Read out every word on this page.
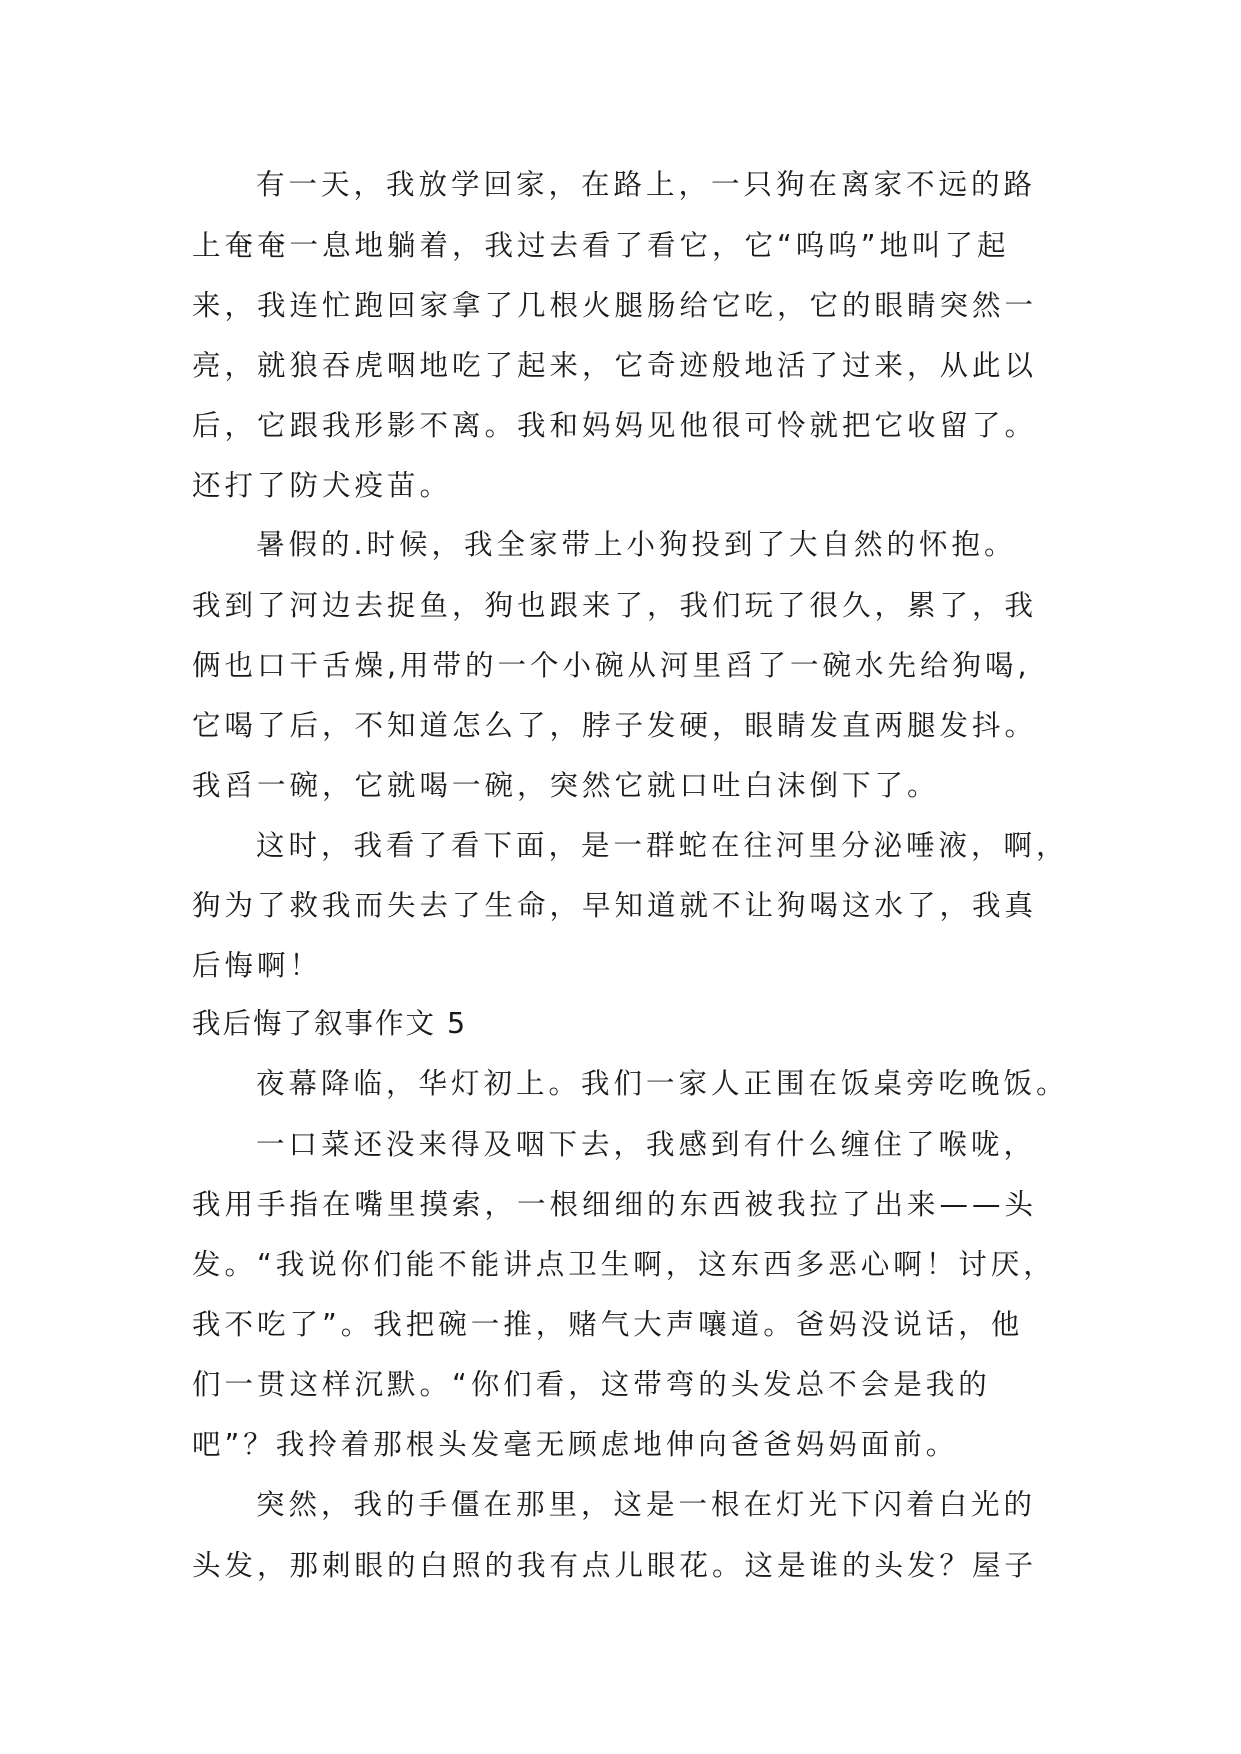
有一天，我放学回家，在路上，一只狗在离家不远的路
上奄奄一息地躺着，我过去看了看它，它“呜呜”地叫了起
来，我连忙跑回家拿了几根火腿肠给它吃，它的眼睛突然一
亮，就狼吞虎咽地吃了起来，它奇迹般地活了过来，从此以
后，它跟我形影不离。我和妈妈见他很可怜就把它收留了。
还打了防犬疫苗。
暑假的.时候，我全家带上小狗投到了大自然的怀抱。
我到了河边去捉鱼，狗也跟来了，我们玩了很久，累了，我
俩也口干舌燥,用带的一个小碗从河里舀了一碗水先给狗喝,
它喝了后，不知道怎么了，脖子发硬，眼睛发直两腿发抖。
我舀一碗，它就喝一碗，突然它就口吐白沫倒下了。
这时，我看了看下面，是一群蛇在往河里分泌唾液，啊，
狗为了救我而失去了生命，早知道就不让狗喝这水了，我真
后悔啊！
我后悔了叙事作文 5
夜幕降临，华灯初上。我们一家人正围在饭桌旁吃晚饭。
一口菜还没来得及咽下去，我感到有什么缠住了喉咙，
我用手指在嘴里摸索，一根细细的东西被我拉了出来——头
发。“我说你们能不能讲点卫生啊，这东西多恶心啊！讨厌，
我不吃了”。我把碗一推，赌气大声嚷道。爸妈没说话，他
们一贯这样沉默。“你们看，这带弯的头发总不会是我的
吧”？我拎着那根头发毫无顾虑地伸向爸爸妈妈面前。
突然，我的手僵在那里，这是一根在灯光下闪着白光的
头发，那刺眼的白照的我有点儿眼花。这是谁的头发？屋子
